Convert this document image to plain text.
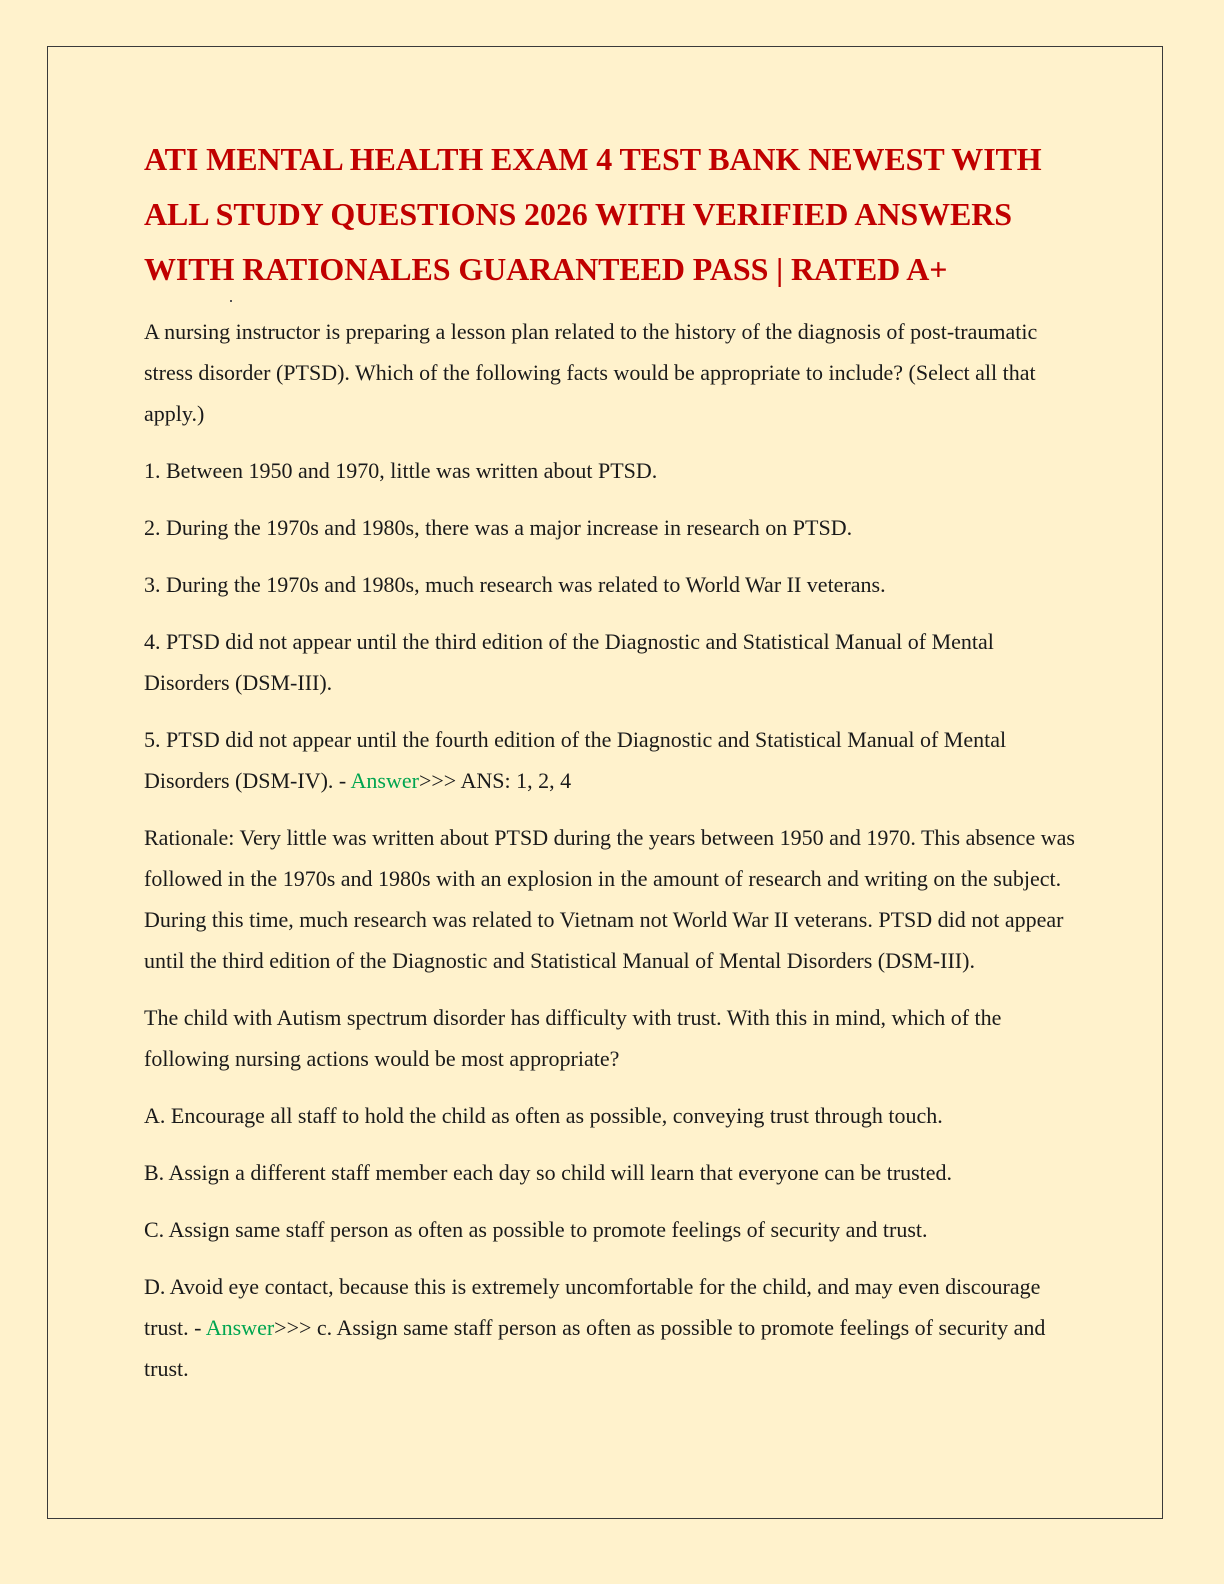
ATI MENTAL HEALTH EXAM 4 TEST BANK NEWEST WITH ALL STUDY QUESTIONS 2026 WITH VERIFIED ANSWERS WITH RATIONALES GUARANTEED PASS | RATED A+

A nursing instructor is preparing a lesson plan related to the history of the diagnosis of post-traumatic stress disorder (PTSD). Which of the following facts would be appropriate to include? (Select all that apply.)

1. Between 1950 and 1970, little was written about PTSD.

2. During the 1970s and 1980s, there was a major increase in research on PTSD.

3. During the 1970s and 1980s, much research was related to World War II veterans.

4. PTSD did not appear until the third edition of the Diagnostic and Statistical Manual of Mental Disorders (DSM-III).

5. PTSD did not appear until the fourth edition of the Diagnostic and Statistical Manual of Mental Disorders (DSM-IV). - Answer>>> ANS: 1, 2, 4

Rationale: Very little was written about PTSD during the years between 1950 and 1970. This absence was followed in the 1970s and 1980s with an explosion in the amount of research and writing on the subject. During this time, much research was related to Vietnam not World War II veterans. PTSD did not appear until the third edition of the Diagnostic and Statistical Manual of Mental Disorders (DSM-III).

The child with Autism spectrum disorder has difficulty with trust. With this in mind, which of the following nursing actions would be most appropriate?

A. Encourage all staff to hold the child as often as possible, conveying trust through touch.

B. Assign a different staff member each day so child will learn that everyone can be trusted.

C. Assign same staff person as often as possible to promote feelings of security and trust.

D. Avoid eye contact, because this is extremely uncomfortable for the child, and may even discourage trust. - Answer>>> c. Assign same staff person as often as possible to promote feelings of security and trust.
